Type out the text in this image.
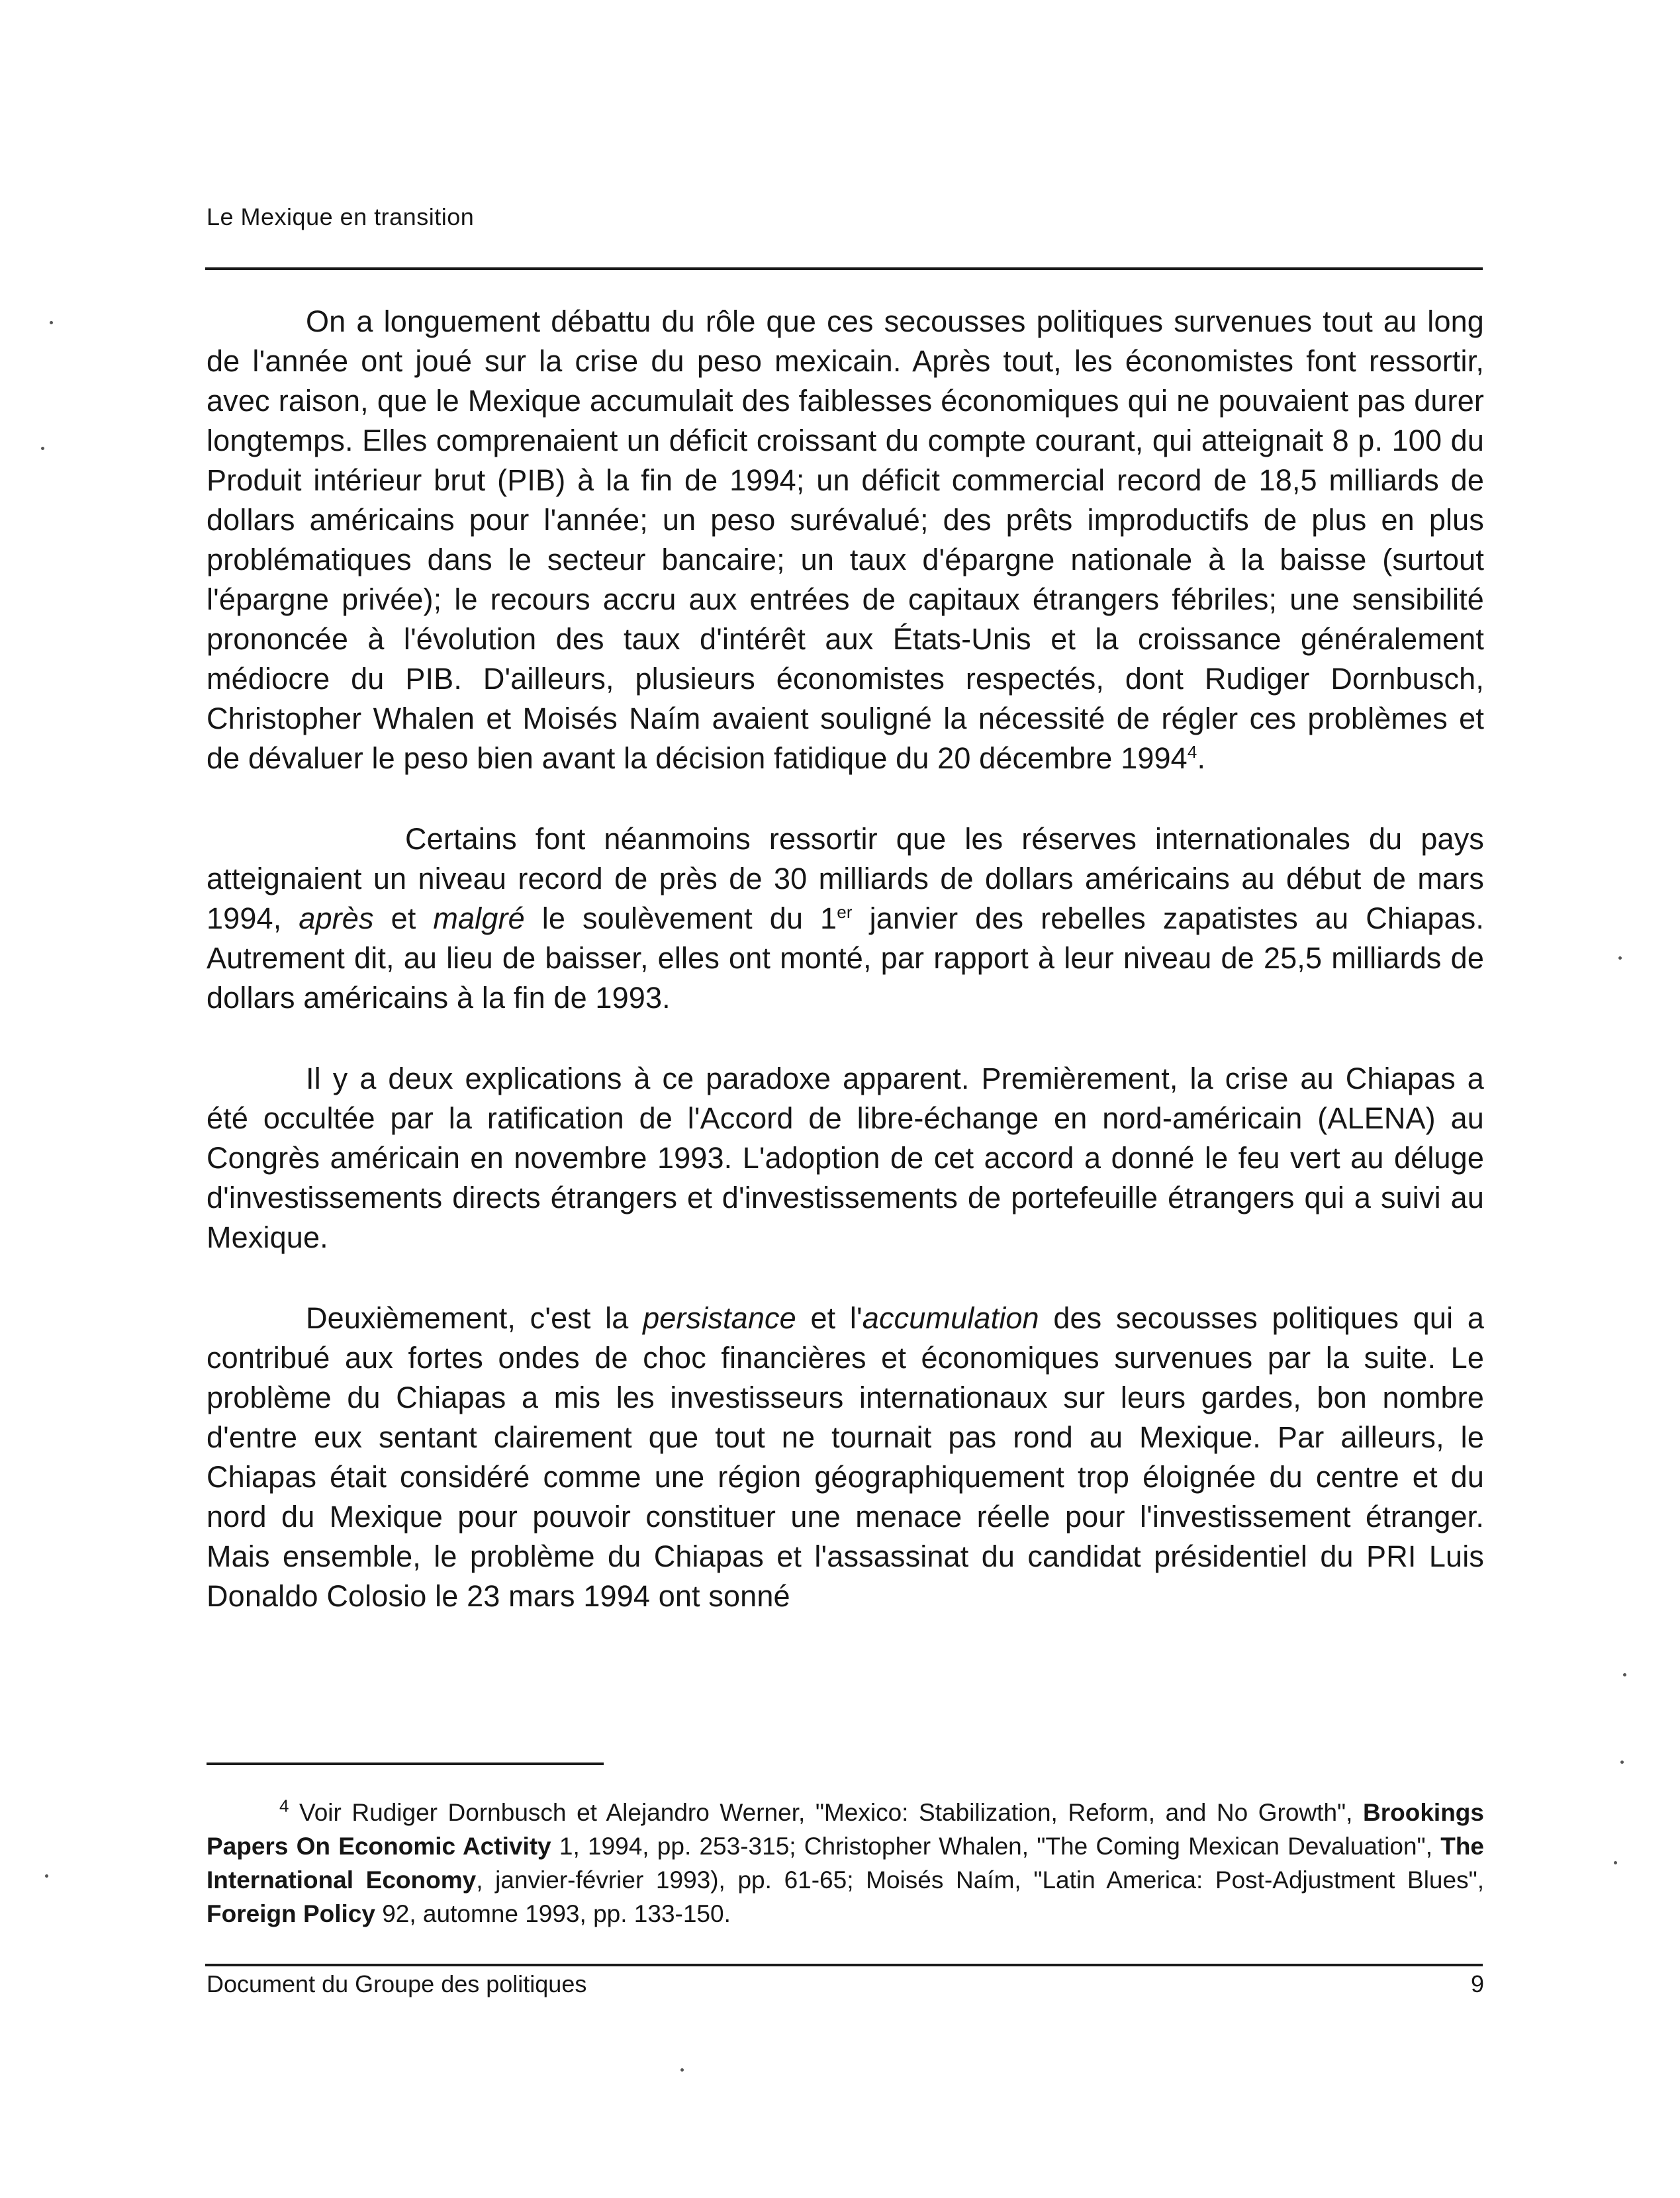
Le Mexique en transition

On a longuement débattu du rôle que ces secousses politiques survenues tout au long de l'année ont joué sur la crise du peso mexicain. Après tout, les économistes font ressortir, avec raison, que le Mexique accumulait des faiblesses économiques qui ne pouvaient pas durer longtemps. Elles comprenaient un déficit croissant du compte courant, qui atteignait 8 p. 100 du Produit intérieur brut (PIB) à la fin de 1994; un déficit commercial record de 18,5 milliards de dollars américains pour l'année; un peso surévalué; des prêts improductifs de plus en plus problématiques dans le secteur bancaire; un taux d'épargne nationale à la baisse (surtout l'épargne privée); le recours accru aux entrées de capitaux étrangers fébriles; une sensibilité prononcée à l'évolution des taux d'intérêt aux États-Unis et la croissance généralement médiocre du PIB. D'ailleurs, plusieurs économistes respectés, dont Rudiger Dornbusch, Christopher Whalen et Moisés Naím avaient souligné la nécessité de régler ces problèmes et de dévaluer le peso bien avant la décision fatidique du 20 décembre 1994$^4$.

Certains font néanmoins ressortir que les réserves internationales du pays atteignaient un niveau record de près de 30 milliards de dollars américains au début de mars 1994, après et malgré le soulèvement du 1er janvier des rebelles zapatistes au Chiapas. Autrement dit, au lieu de baisser, elles ont monté, par rapport à leur niveau de 25,5 milliards de dollars américains à la fin de 1993.

Il y a deux explications à ce paradoxe apparent. Premièrement, la crise au Chiapas a été occultée par la ratification de l'Accord de libre-échange en nord-américain (ALENA) au Congrès américain en novembre 1993. L'adoption de cet accord a donné le feu vert au déluge d'investissements directs étrangers et d'investissements de portefeuille étrangers qui a suivi au Mexique.

Deuxièmement, c'est la persistance et l'accumulation des secousses politiques qui a contribué aux fortes ondes de choc financières et économiques survenues par la suite. Le problème du Chiapas a mis les investisseurs internationaux sur leurs gardes, bon nombre d'entre eux sentant clairement que tout ne tournait pas rond au Mexique. Par ailleurs, le Chiapas était considéré comme une région géographiquement trop éloignée du centre et du nord du Mexique pour pouvoir constituer une menace réelle pour l'investissement étranger. Mais ensemble, le problème du Chiapas et l'assassinat du candidat présidentiel du PRI Luis Donaldo Colosio le 23 mars 1994 ont sonné

$^4$ Voir Rudiger Dornbusch et Alejandro Werner, "Mexico: Stabilization, Reform, and No Growth", Brookings Papers On Economic Activity 1, 1994, pp. 253-315; Christopher Whalen, "The Coming Mexican Devaluation", The International Economy, janvier-février 1993), pp. 61-65; Moisés Naím, "Latin America: Post-Adjustment Blues", Foreign Policy 92, automne 1993, pp. 133-150.
Document du Groupe des politiques	9
